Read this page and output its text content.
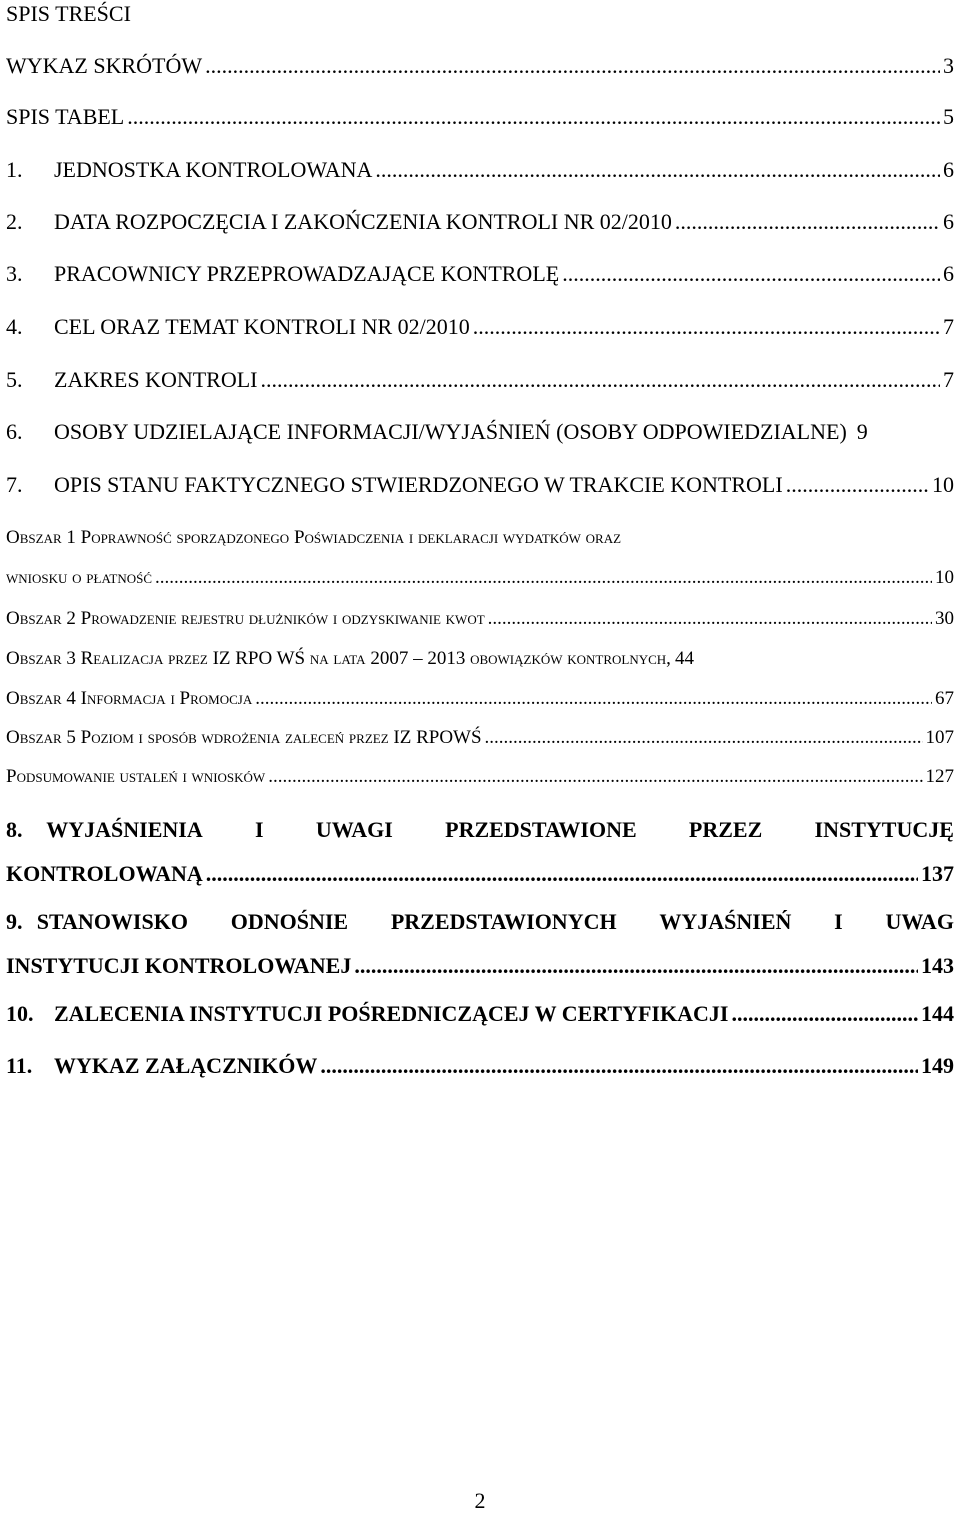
SPIS TREŚCI
WYKAZ SKRÓTÓW .....	3
SPIS TABEL .....	5
1.	JEDNOSTKA KONTROLOWANA .....	6
2.	DATA ROZPOCZĘCIA I ZAKOŃCZENIA KONTROLI NR 02/2010 .....	6
3.	PRACOWNICY PRZEPROWADZAJĄCE KONTROLĘ .....	6
4.	CEL ORAZ TEMAT KONTROLI NR 02/2010 .....	7
5.	ZAKRES KONTROLI .....	7
6.	OSOBY UDZIELAJĄCE INFORMACJI/WYJAŚNIEŃ (OSOBY ODPOWIEDZIALNE) 9
7.	OPIS STANU FAKTYCZNEGO STWIERDZONEGO W TRAKCIE KONTROLI .....	10
Obszar 1 Poprawność sporządzonego Poświadczenia i deklaracji wydatków oraz
wniosku o płatność .....	10
Obszar 2 Prowadzenie rejestru dłużników i odzyskiwanie kwot .....	30
Obszar 3 Realizacja przez IZ RPO WŚ na lata 2007 – 2013 obowiązków kontrolnych, 44
Obszar 4 Informacja i Promocja .....	67
Obszar 5 Poziom i sposób wdrożenia zaleceń przez IZ RPOWŚ .....	107
Podsumowanie ustaleń i wniosków .....	127
8. WYJAŚNIENIA I UWAGI PRZEDSTAWIONE PRZEZ INSTYTUCJĘ
KONTROLOWANĄ .....	137
9. STANOWISKO ODNOŚNIE PRZEDSTAWIONYCH WYJAŚNIEŃ I UWAG
INSTYTUCJI KONTROLOWANEJ .....	143
10. ZALECENIA INSTYTUCJI POŚREDNICZĄCEJ W CERTYFIKACJI .....	144
11. WYKAZ ZAŁĄCZNIKÓW .....	149
2
